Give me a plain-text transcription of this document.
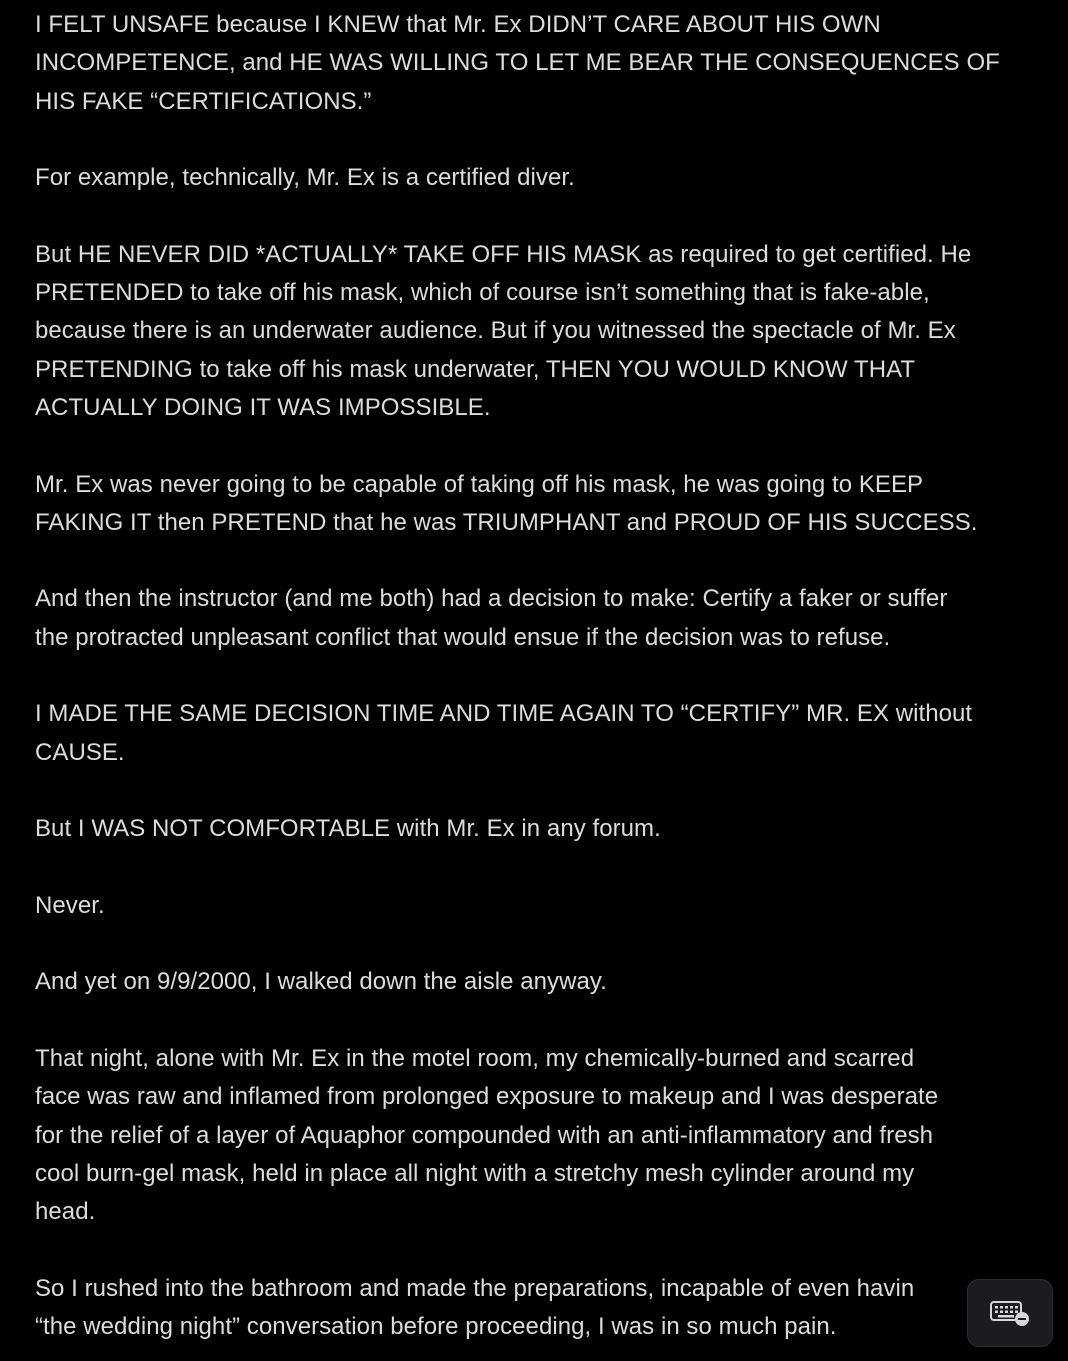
I FELT UNSAFE because I KNEW that Mr. Ex DIDN’T CARE ABOUT HIS OWN
INCOMPETENCE, and HE WAS WILLING TO LET ME BEAR THE CONSEQUENCES OF
HIS FAKE “CERTIFICATIONS.”

For example, technically, Mr. Ex is a certified diver.

But HE NEVER DID *ACTUALLY* TAKE OFF HIS MASK as required to get certified. He
PRETENDED to take off his mask, which of course isn’t something that is fake-able,
because there is an underwater audience. But if you witnessed the spectacle of Mr. Ex
PRETENDING to take off his mask underwater, THEN YOU WOULD KNOW THAT
ACTUALLY DOING IT WAS IMPOSSIBLE.

Mr. Ex was never going to be capable of taking off his mask, he was going to KEEP
FAKING IT then PRETEND that he was TRIUMPHANT and PROUD OF HIS SUCCESS.

And then the instructor (and me both) had a decision to make: Certify a faker or suffer
the protracted unpleasant conflict that would ensue if the decision was to refuse.

I MADE THE SAME DECISION TIME AND TIME AGAIN TO “CERTIFY” MR. EX without
CAUSE.

But I WAS NOT COMFORTABLE with Mr. Ex in any forum.

Never.

And yet on 9/9/2000, I walked down the aisle anyway.

That night, alone with Mr. Ex in the motel room, my chemically-burned and scarred
face was raw and inflamed from prolonged exposure to makeup and I was desperate
for the relief of a layer of Aquaphor compounded with an anti-inflammatory and fresh
cool burn-gel mask, held in place all night with a stretchy mesh cylinder around my
head.

So I rushed into the bathroom and made the preparations, incapable of even havin
“the wedding night” conversation before proceeding, I was in so much pain.
